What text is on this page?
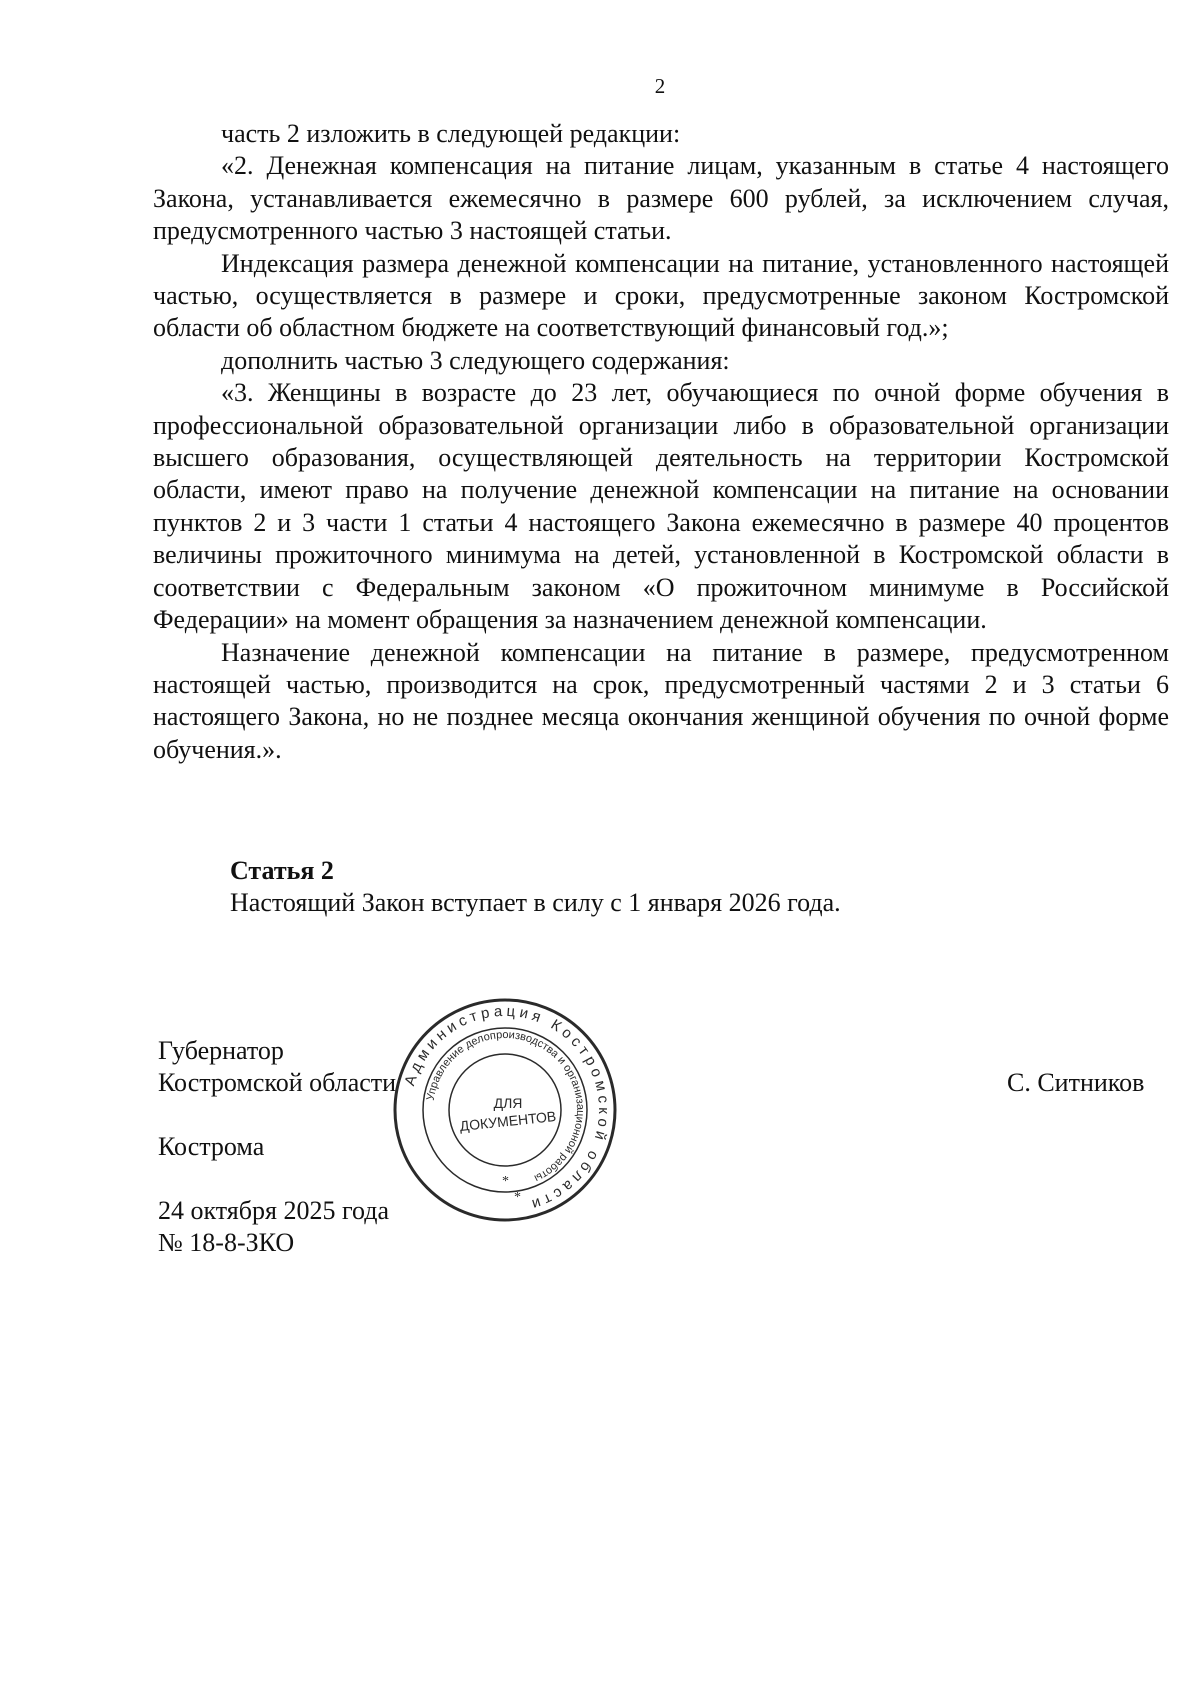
2

часть 2 изложить в следующей редакции:

«2. Денежная компенсация на питание лицам, указанным в статье 4 настоящего Закона, устанавливается ежемесячно в размере 600 рублей, за исключением случая, предусмотренного частью 3 настоящей статьи.

Индексация размера денежной компенсации на питание, установленного настоящей частью, осуществляется в размере и сроки, предусмотренные законом Костромской области об областном бюджете на соответствующий финансовый год.»;

дополнить частью 3 следующего содержания:

«3. Женщины в возрасте до 23 лет, обучающиеся по очной форме обучения в профессиональной образовательной организации либо в образовательной организации высшего образования, осуществляющей деятельность на территории Костромской области, имеют право на получение денежной компенсации на питание на основании пунктов 2 и 3 части 1 статьи 4 настоящего Закона ежемесячно в размере 40 процентов величины прожиточного минимума на детей, установленной в Костромской области в соответствии с Федеральным законом «О прожиточном минимуме в Российской Федерации» на момент обращения за назначением денежной компенсации.

Назначение денежной компенсации на питание в размере, предусмотренном настоящей частью, производится на срок, предусмотренный частями 2 и 3 статьи 6 настоящего Закона, но не позднее месяца окончания женщиной обучения по очной форме обучения.».

Статья 2
Настоящий Закон вступает в силу с 1 января 2026 года.
Губернатор
Костромской области
Кострома
24 октября 2025 года
№ 18-8-ЗКО
С. Ситников
Администрация Костромской области
Управление делопроизводства и организационной работы
ДЛЯ
ДОКУМЕНТОВ
*
*
